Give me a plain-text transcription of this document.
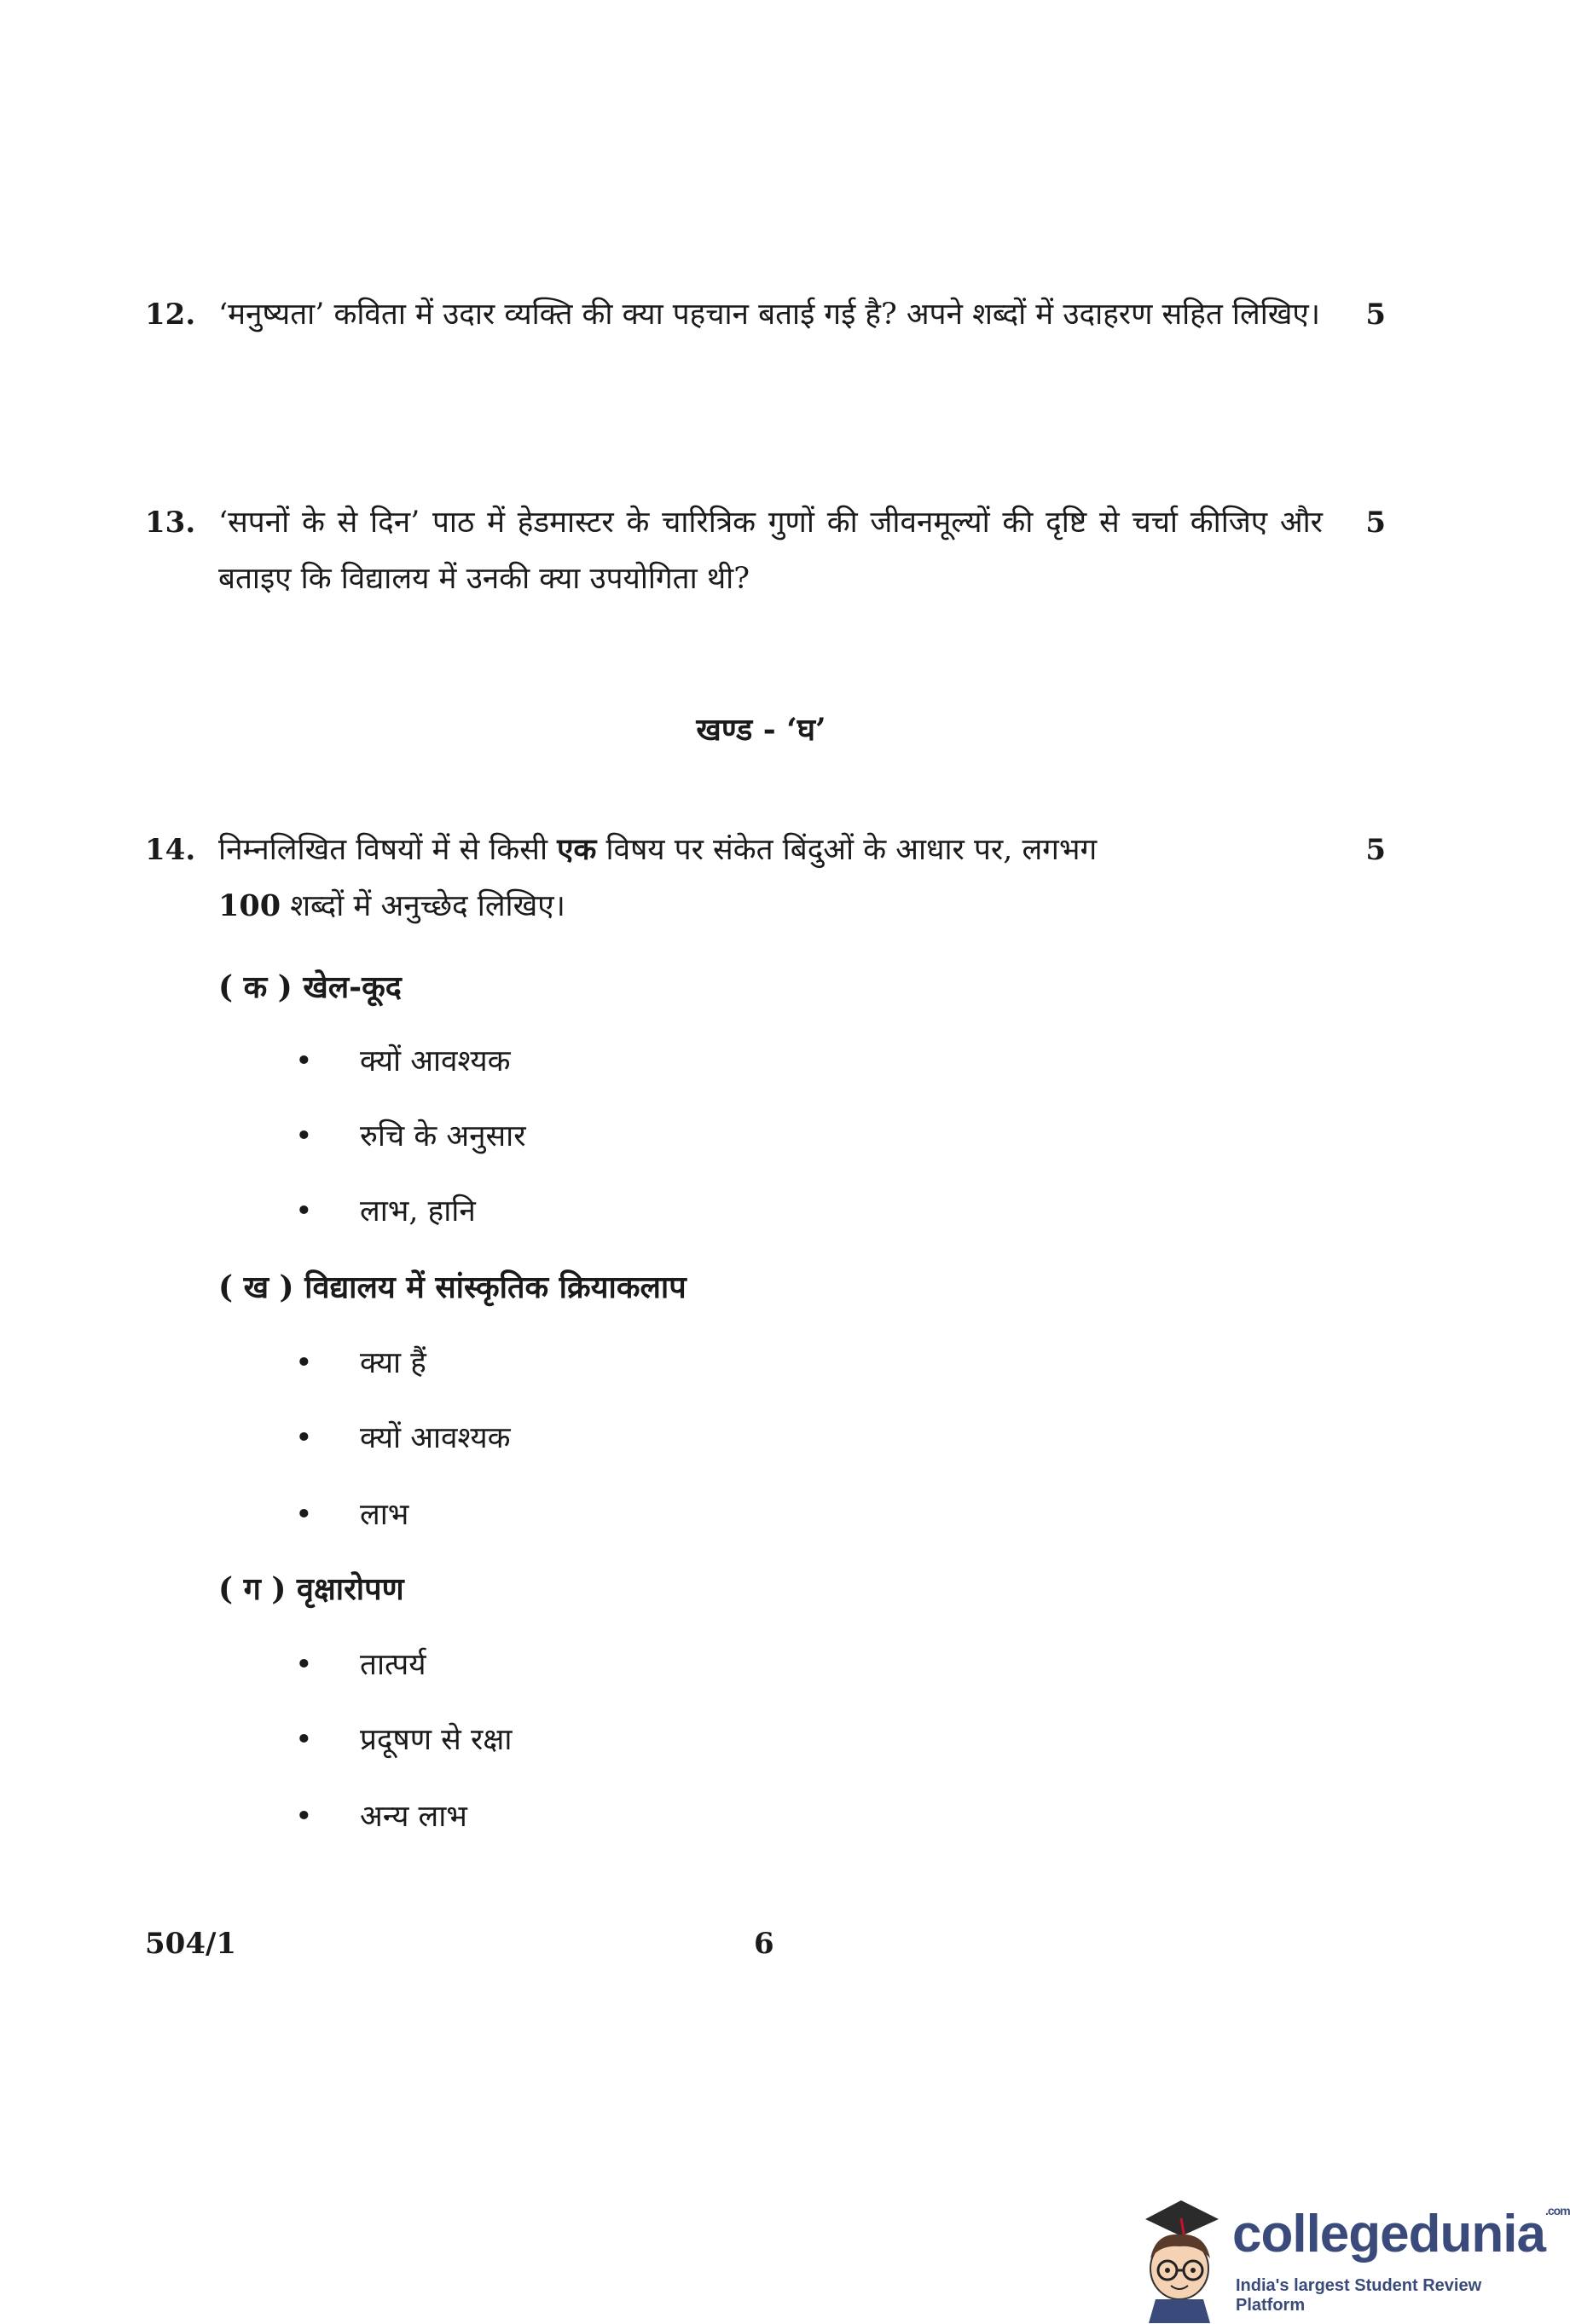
12. ‘मनुष्यता’ कविता में उदार व्यक्ति की क्या पहचान बताई गई है? अपने शब्दों में उदाहरण सहित लिखिए। 5
13. ‘सपनों के से दिन’ पाठ में हेडमास्टर के चारित्रिक गुणों की जीवनमूल्यों की दृष्टि से चर्चा कीजिए और बताइए कि विद्यालय में उनकी क्या उपयोगिता थी?
5
खण्ड - ‘घ’
14. निम्नलिखित विषयों में से किसी एक विषय पर संकेत बिंदुओं के आधार पर, लगभग
100 शब्दों में अनुच्छेद लिखिए।
5
( क ) खेल-कूद
• क्यों आवश्यक
• रुचि के अनुसार
• लाभ, हानि
( ख ) विद्यालय में सांस्कृतिक क्रियाकलाप
• क्या हैं
• क्यों आवश्यक
• लाभ
( ग ) वृक्षारोपण
• तात्पर्य
• प्रदूषण से रक्षा
• अन्य लाभ
504/1	6
collegedunia$^{.com}$
India's largest Student Review Platform
